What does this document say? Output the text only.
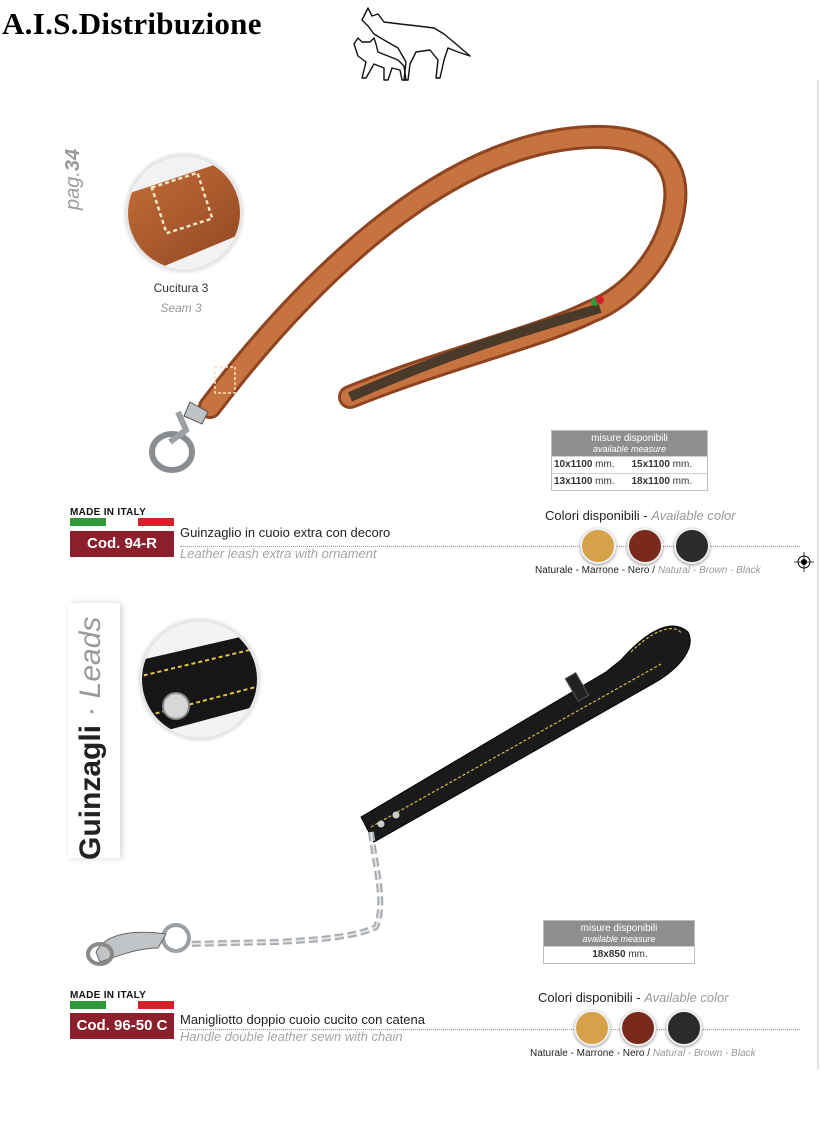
A.I.S.Distribuzione
pag.34
Cucitura 3
Seam 3
misure disponibili
available measure
10x1100 mm.	15x1100 mm.
13x1100 mm.	18x1100 mm.
MADE IN ITALY
Cod. 94-R
Guinzaglio in cuoio extra con decoro
Leather leash extra with ornament
Colori disponibili - Available color
Naturale - Marrone - Nero / Natural - Brown - Black
Guinzagli · Leads
misure disponibili
available measure
18x850 mm.
MADE IN ITALY
Cod. 96-50 C Manigliotto doppio cuoio cucito con catena
Handle double leather sewn with chain
Colori disponibili - Available color
Naturale - Marrone - Nero / Natural - Brown - Black
